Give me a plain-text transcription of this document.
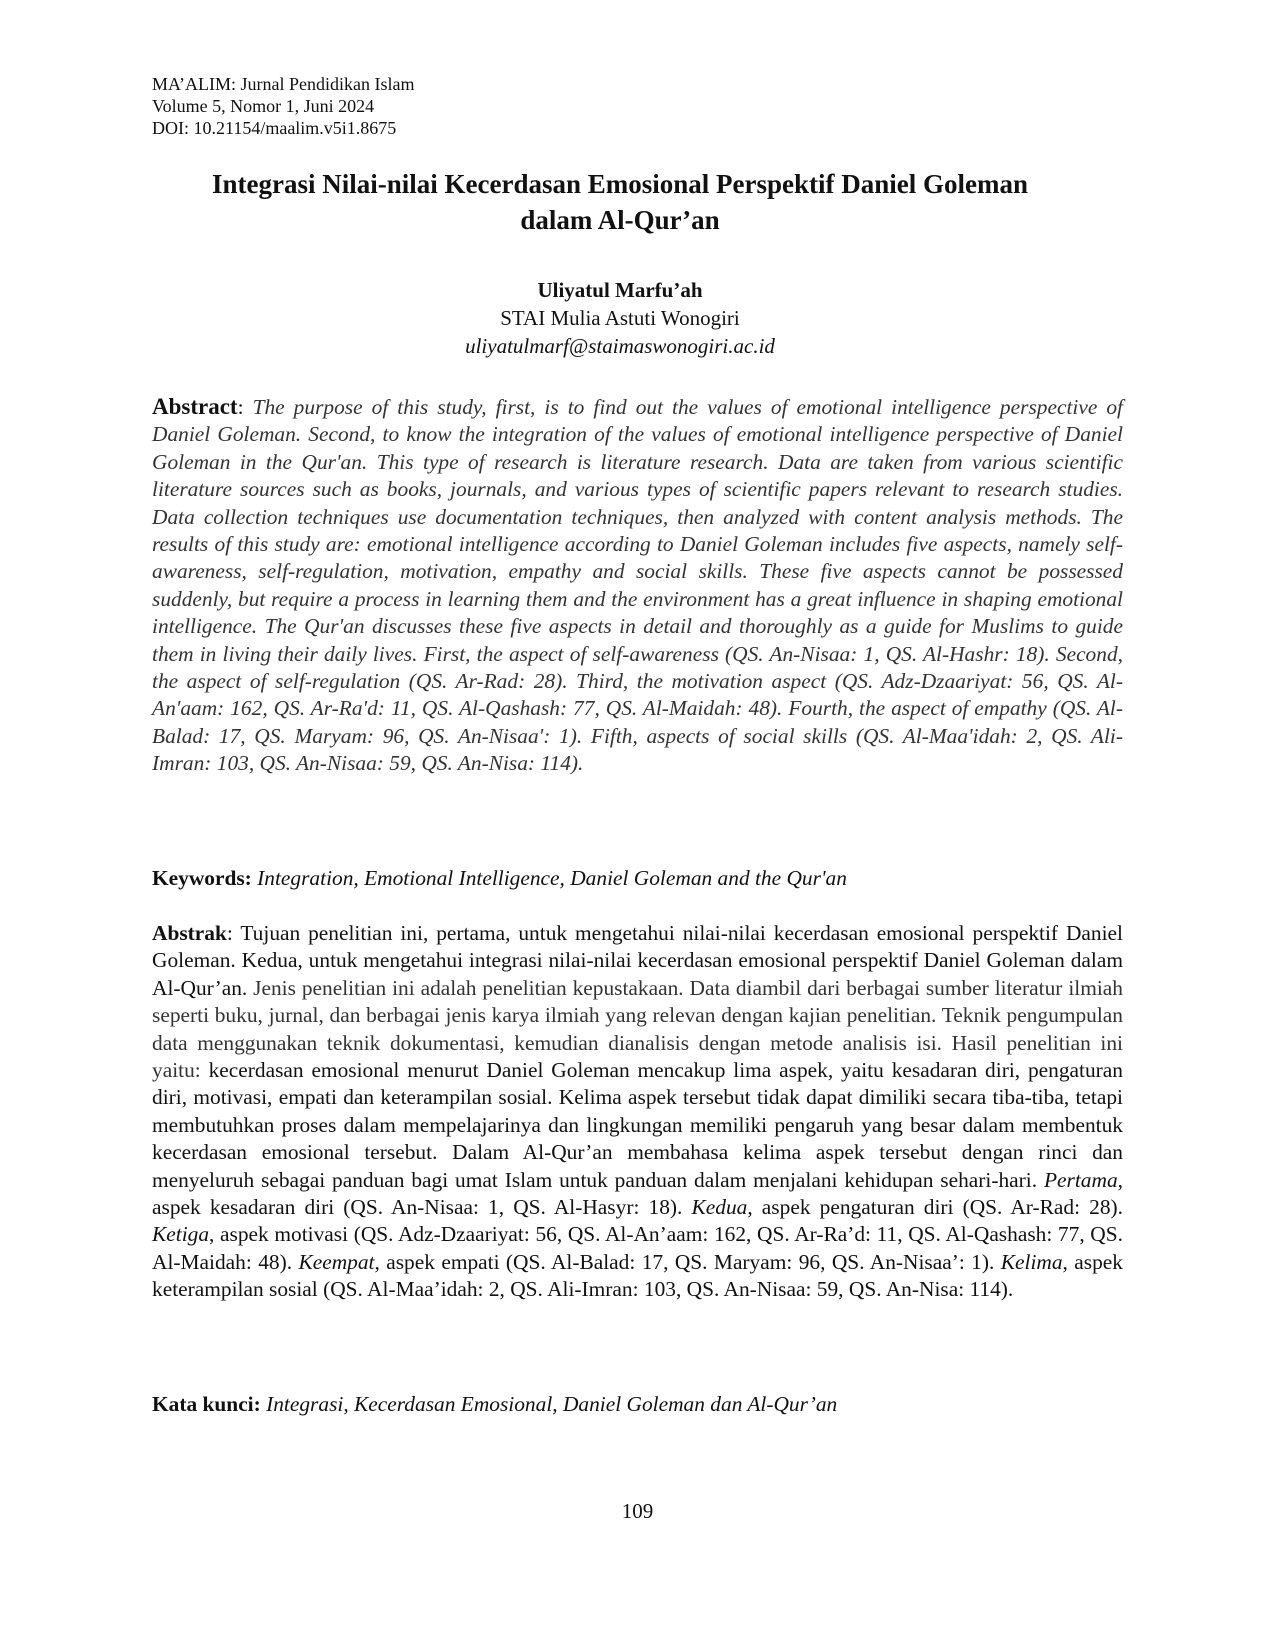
MA’ALIM: Jurnal Pendidikan Islam
Volume 5, Nomor 1, Juni 2024
DOI: 10.21154/maalim.v5i1.8675
Integrasi Nilai-nilai Kecerdasan Emosional Perspektif Daniel Goleman
dalam Al-Qur’an
Uliyatul Marfu’ah
STAI Mulia Astuti Wonogiri
uliyatulmarf@staimaswonogiri.ac.id

Abstract: The purpose of this study, first, is to find out the values of emotional intelligence perspective of Daniel Goleman. Second, to know the integration of the values of emotional intelligence perspective of Daniel Goleman in the Qur'an. This type of research is literature research. Data are taken from various scientific literature sources such as books, journals, and various types of scientific papers relevant to research studies. Data collection techniques use documentation techniques, then analyzed with content analysis methods. The results of this study are: emotional intelligence according to Daniel Goleman includes five aspects, namely self-awareness, self-regulation, motivation, empathy and social skills. These five aspects cannot be possessed suddenly, but require a process in learning them and the environment has a great influence in shaping emotional intelligence. The Qur'an discusses these five aspects in detail and thoroughly as a guide for Muslims to guide them in living their daily lives. First, the aspect of self-awareness (QS. An-Nisaa: 1, QS. Al-Hashr: 18). Second, the aspect of self-regulation (QS. Ar-Rad: 28). Third, the motivation aspect (QS. Adz-Dzaariyat: 56, QS. Al-An'aam: 162, QS. Ar-Ra'd: 11, QS. Al-Qashash: 77, QS. Al-Maidah: 48). Fourth, the aspect of empathy (QS. Al-Balad: 17, QS. Maryam: 96, QS. An-Nisaa': 1). Fifth, aspects of social skills (QS. Al-Maa'idah: 2, QS. Ali-Imran: 103, QS. An-Nisaa: 59, QS. An-Nisa: 114).

Keywords: Integration, Emotional Intelligence, Daniel Goleman and the Qur'an

Abstrak: Tujuan penelitian ini, pertama, untuk mengetahui nilai-nilai kecerdasan emosional perspektif Daniel Goleman. Kedua, untuk mengetahui integrasi nilai-nilai kecerdasan emosional perspektif Daniel Goleman dalam Al-Qur’an. Jenis penelitian ini adalah penelitian kepustakaan. Data diambil dari berbagai sumber literatur ilmiah seperti buku, jurnal, dan berbagai jenis karya ilmiah yang relevan dengan kajian penelitian. Teknik pengumpulan data menggunakan teknik dokumentasi, kemudian dianalisis dengan metode analisis isi. Hasil penelitian ini yaitu: kecerdasan emosional menurut Daniel Goleman mencakup lima aspek, yaitu kesadaran diri, pengaturan diri, motivasi, empati dan keterampilan sosial. Kelima aspek tersebut tidak dapat dimiliki secara tiba-tiba, tetapi membutuhkan proses dalam mempelajarinya dan lingkungan memiliki pengaruh yang besar dalam membentuk kecerdasan emosional tersebut. Dalam Al-Qur’an membahasa kelima aspek tersebut dengan rinci dan menyeluruh sebagai panduan bagi umat Islam untuk panduan dalam menjalani kehidupan sehari-hari. Pertama, aspek kesadaran diri (QS. An-Nisaa: 1, QS. Al-Hasyr: 18). Kedua, aspek pengaturan diri (QS. Ar-Rad: 28). Ketiga, aspek motivasi (QS. Adz-Dzaariyat: 56, QS. Al-An’aam: 162, QS. Ar-Ra’d: 11, QS. Al-Qashash: 77, QS. Al-Maidah: 48). Keempat, aspek empati (QS. Al-Balad: 17, QS. Maryam: 96, QS. An-Nisaa’: 1). Kelima, aspek keterampilan sosial (QS. Al-Maa’idah: 2, QS. Ali-Imran: 103, QS. An-Nisaa: 59, QS. An-Nisa: 114).

Kata kunci: Integrasi, Kecerdasan Emosional, Daniel Goleman dan Al-Qur’an

109
